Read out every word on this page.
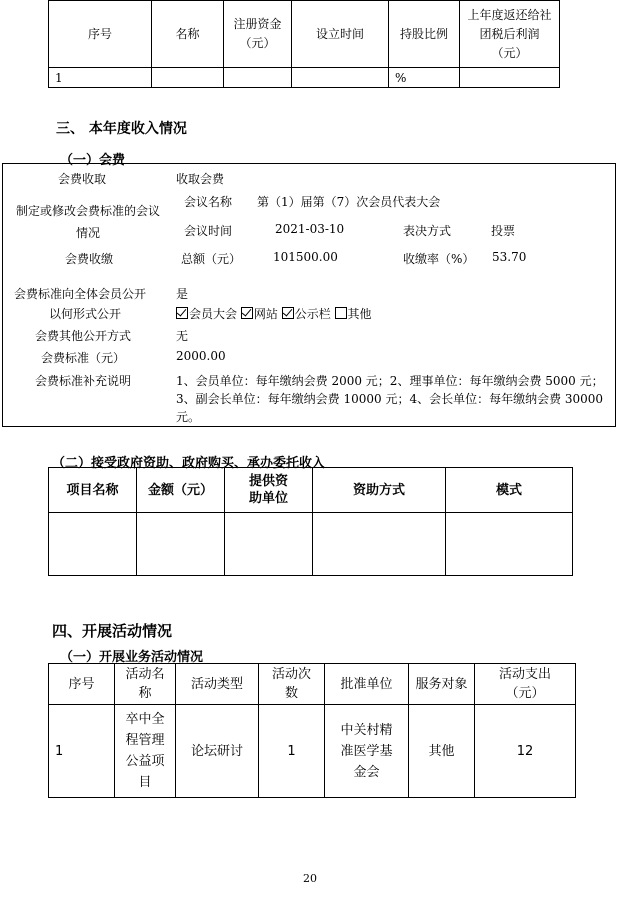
序号	名称	注册资金（元）	设立时间	持股比例	上年度返还给社团税后利润（元）
1				%	
三、 本年度收入情况
（一）会费
会费收取	收取会费
制定或修改会费标准的会议情况
会议名称 第（1）届第（7）次会员代表大会
会议时间	2021-03-10	表决方式	投票
会费收缴	总额（元）	101500.00	收缴率（%） 53.70
会费标准向全体会员公开 是
以何形式公开	会员大会 网站 公示栏 其他
会费其他公开方式	无
会费标准（元）	2000.00
会费标准补充说明	1、会员单位：每年缴纳会费 2000 元；2、理事单位：每年缴纳会费 5000 元；
3、副会长单位：每年缴纳会费 10000 元；4、会长单位：每年缴纳会费 30000
元。
（二）接受政府资助、政府购买、承办委托收入
项目名称	金额（元）	提供资助单位	资助方式	模式

四、开展活动情况
（一）开展业务活动情况
序号	活动名称	活动类型	活动次数	批准单位	服务对象	活动支出（元）
1	卒中全程管理公益项目	论坛研讨	1	中关村精准医学基金会	其他	12
20
